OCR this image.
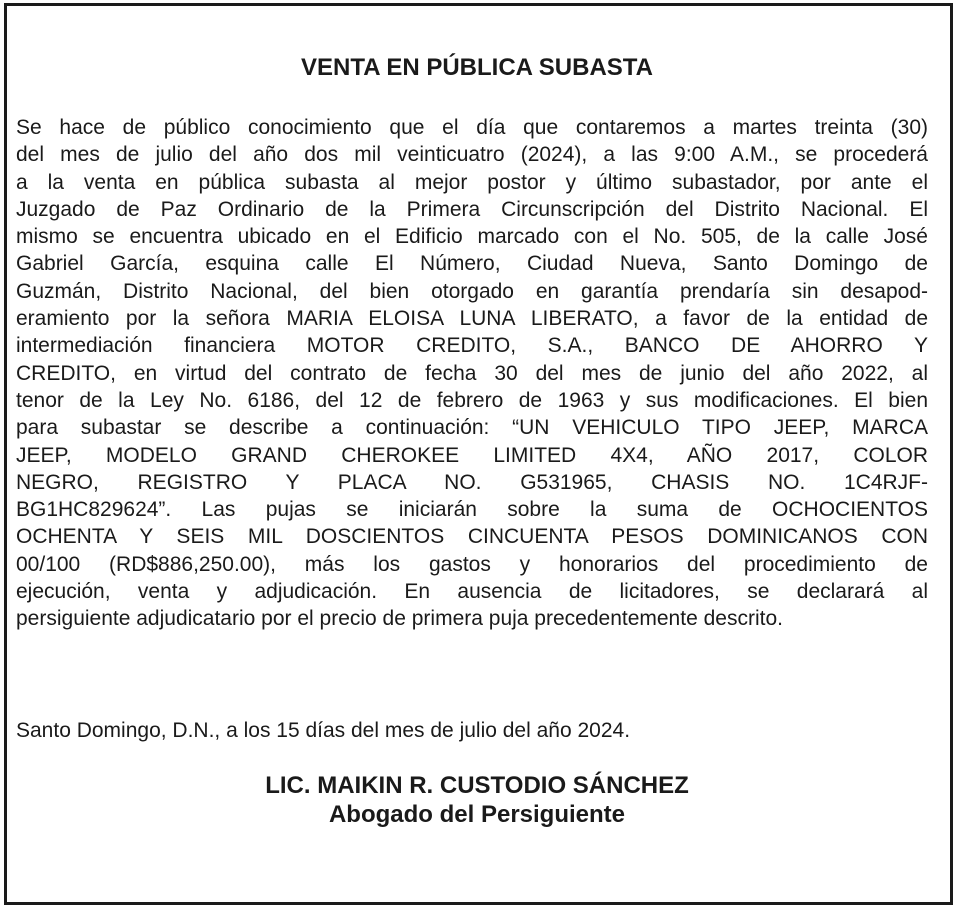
VENTA EN PÚBLICA SUBASTA
Se hace de público conocimiento que el día que contaremos a martes treinta (30)
del mes de julio del año dos mil veinticuatro (2024), a las 9:00 A.M., se procederá
a la venta en pública subasta al mejor postor y último subastador, por ante el
Juzgado de Paz Ordinario de la Primera Circunscripción del Distrito Nacional. El
mismo se encuentra ubicado en el Edificio marcado con el No. 505, de la calle José
Gabriel García, esquina calle El Número, Ciudad Nueva, Santo Domingo de
Guzmán, Distrito Nacional, del bien otorgado en garantía prendaría sin desapod-
eramiento por la señora MARIA ELOISA LUNA LIBERATO, a favor de la entidad de
intermediación financiera MOTOR CREDITO, S.A., BANCO DE AHORRO Y
CREDITO, en virtud del contrato de fecha 30 del mes de junio del año 2022, al
tenor de la Ley No. 6186, del 12 de febrero de 1963 y sus modificaciones. El bien
para subastar se describe a continuación: “UN VEHICULO TIPO JEEP, MARCA
JEEP, MODELO GRAND CHEROKEE LIMITED 4X4, AÑO 2017, COLOR
NEGRO, REGISTRO Y PLACA NO. G531965, CHASIS NO. 1C4RJF-
BG1HC829624”. Las pujas se iniciarán sobre la suma de OCHOCIENTOS
OCHENTA Y SEIS MIL DOSCIENTOS CINCUENTA PESOS DOMINICANOS CON
00/100 (RD$886,250.00), más los gastos y honorarios del procedimiento de
ejecución, venta y adjudicación. En ausencia de licitadores, se declarará al
persiguiente adjudicatario por el precio de primera puja precedentemente descrito.

Santo Domingo, D.N., a los 15 días del mes de julio del año 2024.

LIC. MAIKIN R. CUSTODIO SÁNCHEZ
Abogado del Persiguiente
